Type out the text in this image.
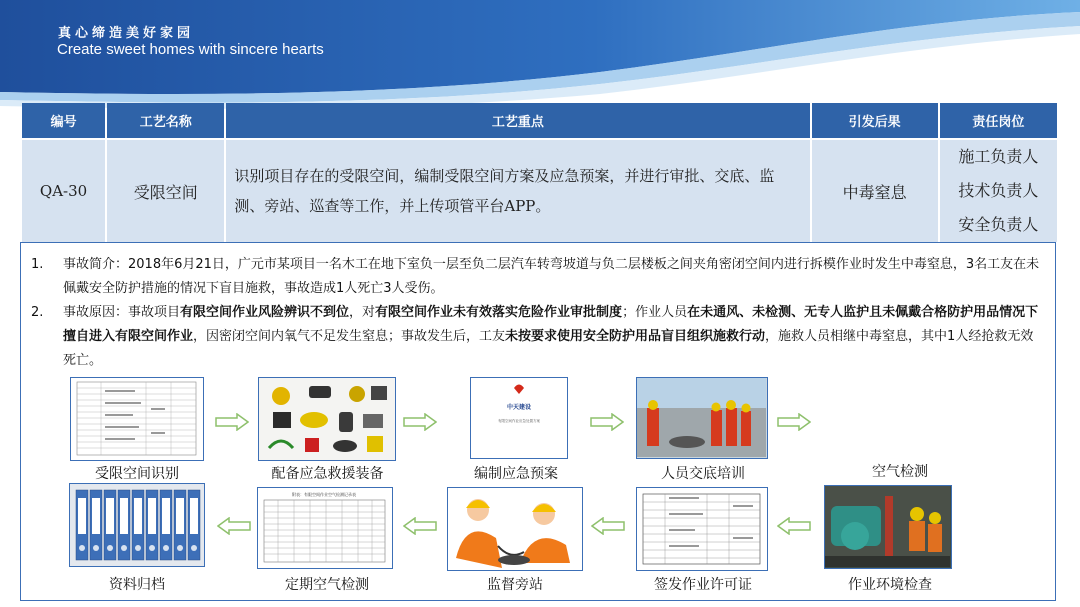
真心缔造美好家园
Create sweet homes with sincere hearts
编号	工艺名称	工艺重点	引发后果	责任岗位
QA-30	受限空间	识别项目存在的受限空间，编制受限空间方案及应急预案，并进行审批、交底、监测、旁站、巡查等工作，并上传项管平台APP。	中毒窒息	施工负责人
技术负责人
安全负责人
1. 事故简介：2018年6月21日，广元市某项目一名木工在地下室负一层至负二层汽车转弯坡道与负二层楼板之间夹角密闭空间内进行拆模作业时发生中毒窒息，3名工友在未佩戴安全防护措施的情况下盲目施救，事故造成1人死亡3人受伤。
2. 事故原因：事故项目有限空间作业风险辨识不到位，对有限空间作业未有效落实危险作业审批制度；作业人员在未通风、未检测、无专人监护且未佩戴合格防护用品情况下擅自进入有限空间作业，因密闭空间内氧气不足发生窒息；事故发生后，工友未按要求使用安全防护用品盲目组织施救行动，施救人员相继中毒窒息，其中1人经抢救无效死亡。
受限空间识别	配备应急救援装备
中天建设
有限空间作业应急处置方案
编制应急预案	人员交底培训	空气检测
资料归档
附表：有限空间作业空气检测记录表
定期空气检测	监督旁站	签发作业许可证	作业环境检查
